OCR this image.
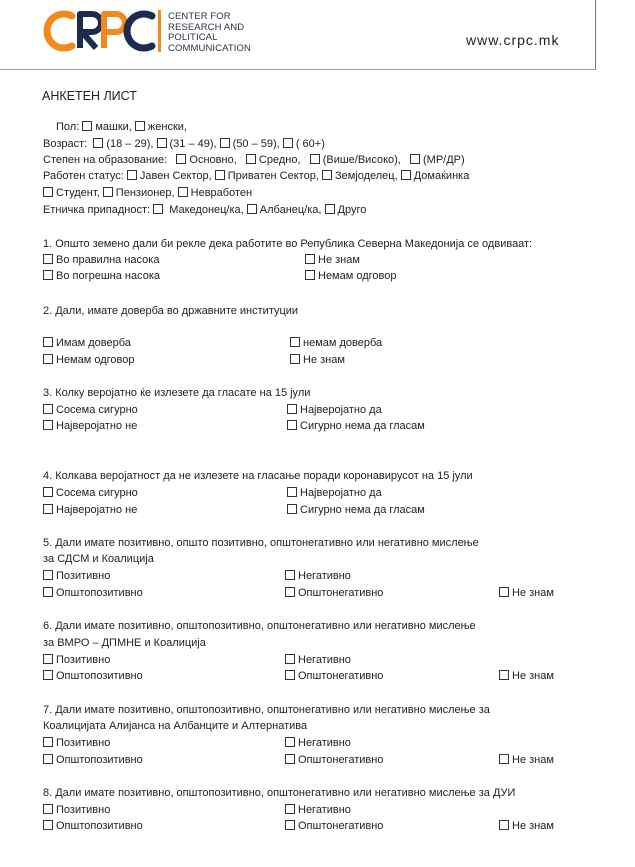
CENTER FOR
RESEARCH AND
POLITICAL
COMMUNICATION	www.crpc.mk
АНКЕТЕН ЛИСТ
Пол: машки, женски,
Возраст: (18 – 29), (31 – 49), (50 – 59), ( 60+)
Степен на образование: Основно, Средно, (Више/Високо), (МР/ДР)
Работен статус: Јавен Сектор, Приватен Сектор, Земјоделец, Домаќинка
Студент, Пензионер, Невработен
Етничка припадност: Македонец/ка, Албанец/ка, Друго
1. Општо земено дали би рекле дека работите во Република Северна Македонија се одвиваат:
Во правилна насока	Не знам
Во погрешна насока	Немам одговор
2. Дали, имате доверба во државните институции
Имам доверба	немам доверба
Немам одговор	Не знам
3. Колку веројатно ќе излезете да гласате на 15 јули
Сосема сигурно	Најверојатно да
Најверојатно не	Сигурно нема да гласам
4. Колкава веројатност да не излезете на гласање поради коронавирусот на 15 јули
Сосема сигурно	Најверојатно да
Најверојатно не	Сигурно нема да гласам
5. Дали имате позитивно, општо позитивно, општонегативно или негативно мислење
за СДСМ и Коалиција
Позитивно	Негативно
Општопозитивно	Општонегативно	Не знам
6. Дали имате позитивно, општопозитивно, општонегативно или негативно мислење
за ВМРО – ДПМНЕ и Коалиција
Позитивно	Негативно
Општопозитивно	Општонегативно	Не знам
7. Дали имате позитивно, општопозитивно, општонегативно или негативно мислење за
Коалицијата Алијанса на Албанците и Алтернатива
Позитивно	Негативно
Општопозитивно	Општонегативно	Не знам
8. Дали имате позитивно, општопозитивно, општонегативно или негативно мислење за ДУИ
Позитивно	Негативно
Општопозитивно	Општонегативно	Не знам
